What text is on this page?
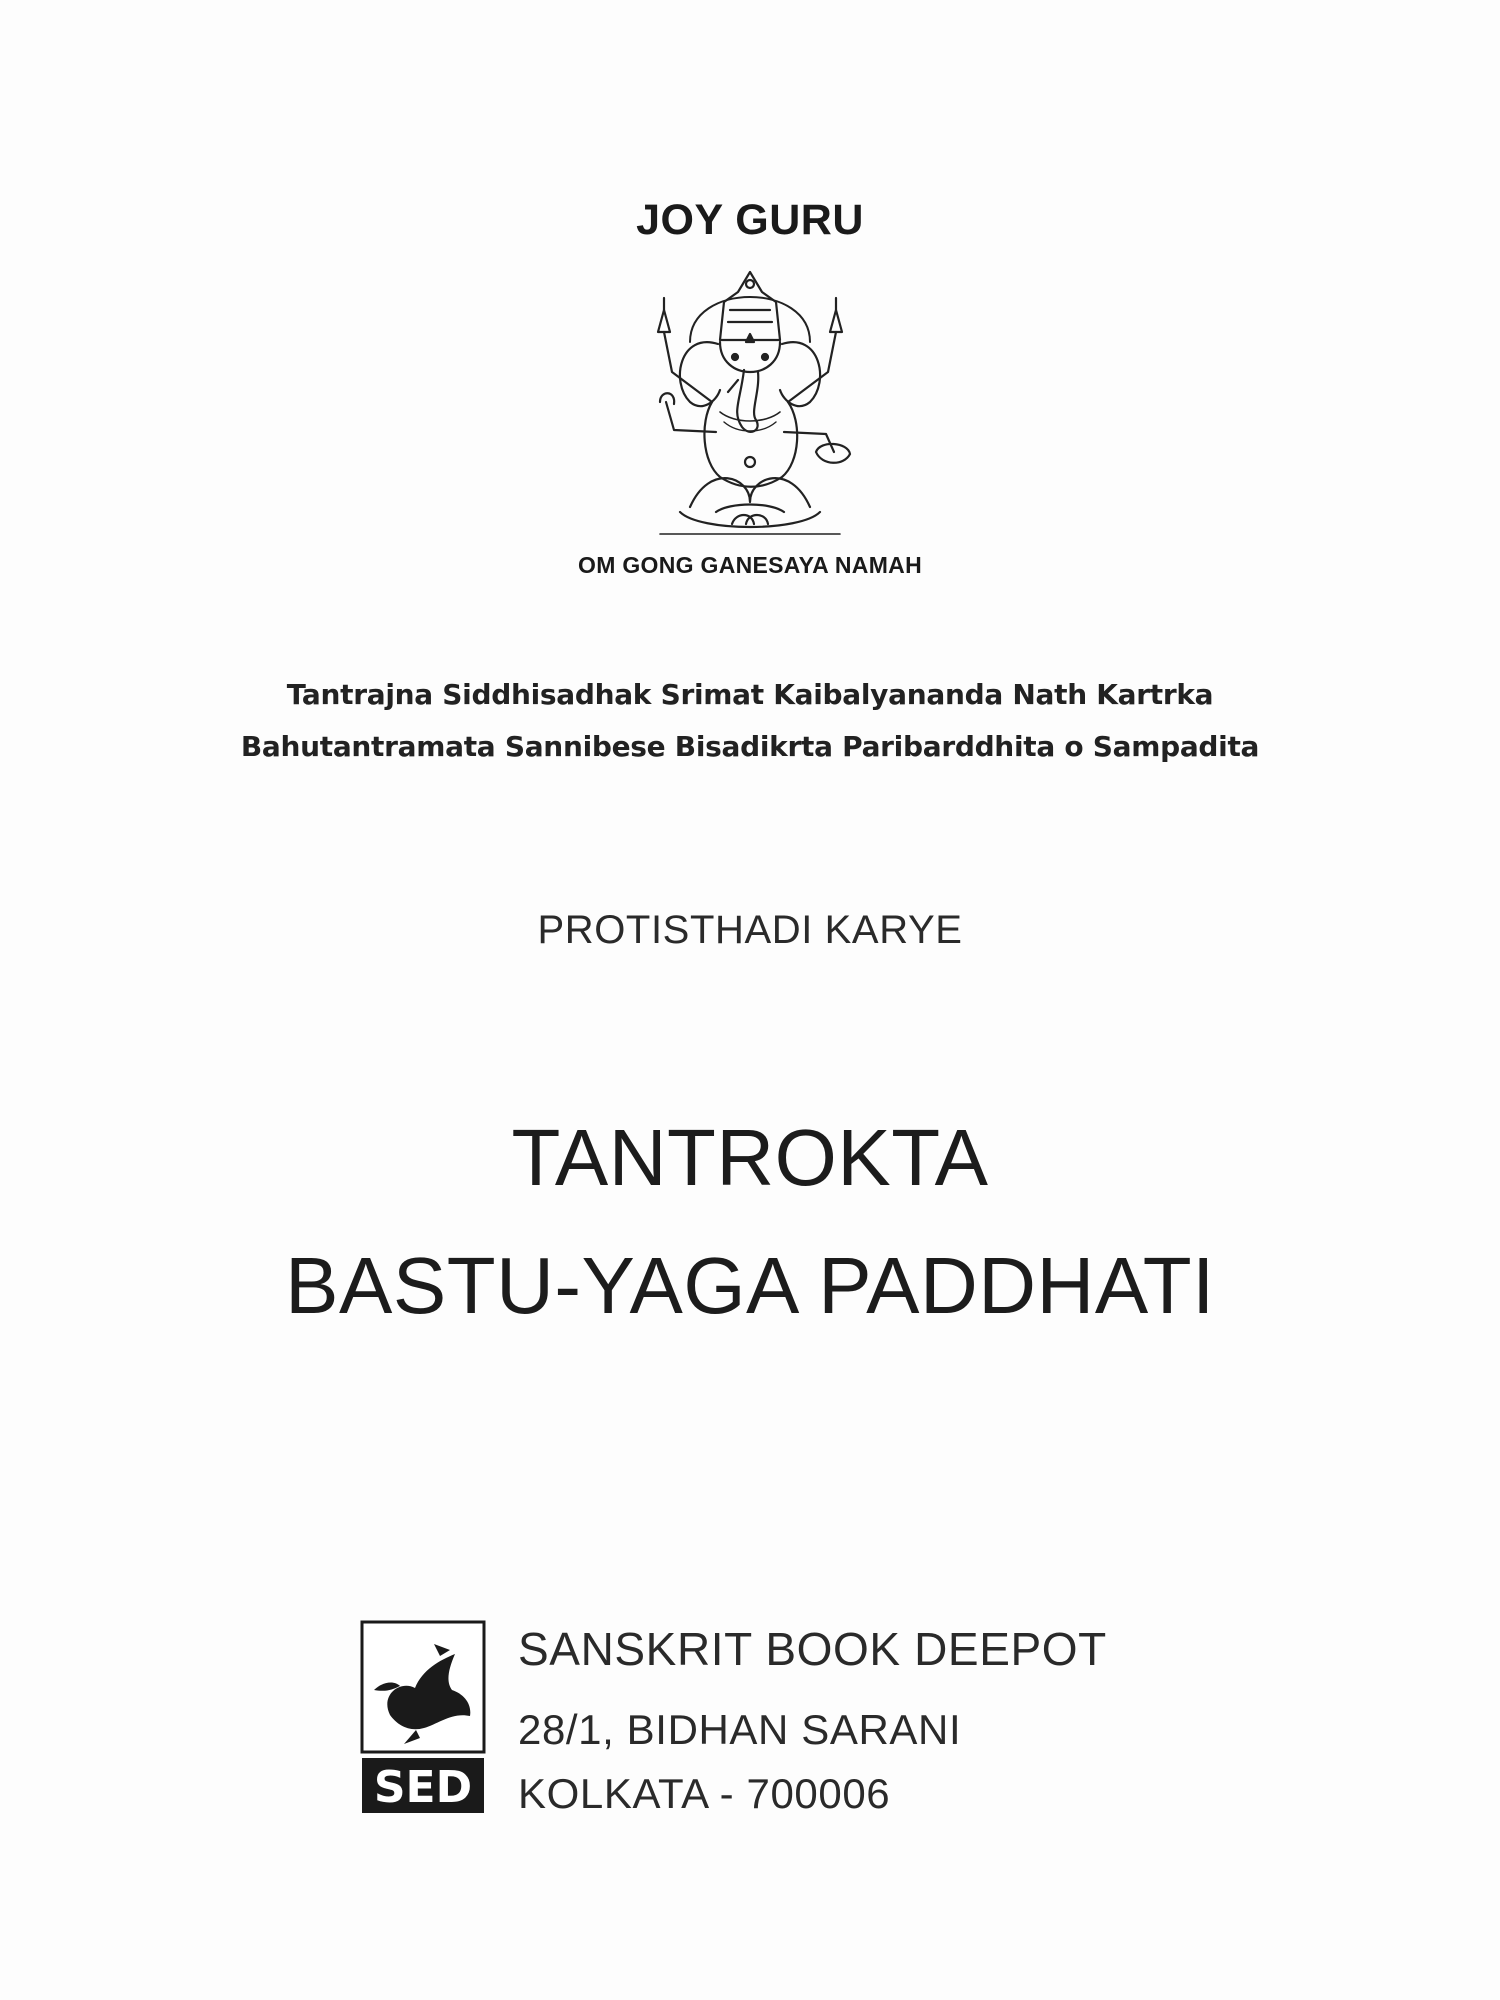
JOY GURU
OM GONG GANESAYA NAMAH
Tantrajna Siddhisadhak Srimat Kaibalyananda Nath Kartrka
Bahutantramata Sannibese Bisadikrta Paribarddhita o Sampadita
PROTISTHADI KARYE
TANTROKTA
BASTU-YAGA PADDHATI
SED
SANSKRIT BOOK DEEPOT
28/1, BIDHAN SARANI
KOLKATA - 700006
